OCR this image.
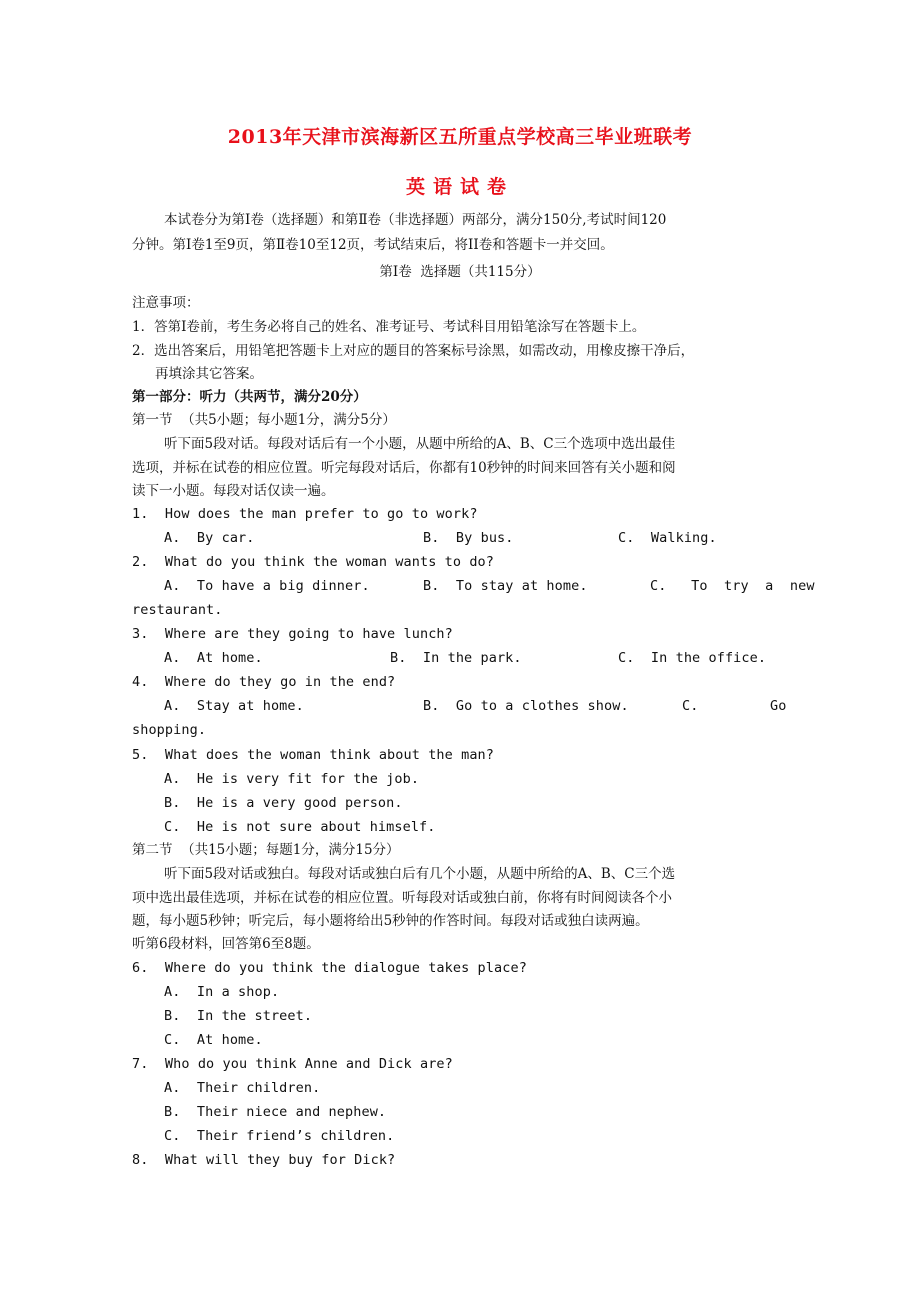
2013年天津市滨海新区五所重点学校高三毕业班联考
英语试卷
本试卷分为第Ⅰ卷（选择题）和第Ⅱ卷（非选择题）两部分，满分150分,考试时间120
分钟。第Ⅰ卷1至9页，第Ⅱ卷10至12页，考试结束后，将II卷和答题卡一并交回。
第Ⅰ卷  选择题（共115分）
注意事项：
1．答第Ⅰ卷前，考生务必将自己的姓名、准考证号、考试科目用铅笔涂写在答题卡上。
2．选出答案后，用铅笔把答题卡上对应的题目的答案标号涂黑，如需改动，用橡皮擦干净后，
再填涂其它答案。
第一部分：听力（共两节，满分20分）
第一节  （共5小题；每小题1分，满分5分）
听下面5段对话。每段对话后有一个小题，从题中所给的A、B、C三个选项中选出最佳
选项，并标在试卷的相应位置。听完每段对话后，你都有10秒钟的时间来回答有关小题和阅
读下一小题。每段对话仅读一遍。
1.  How does the man prefer to go to work?
A.  By car.	B.  By bus.	C.  Walking.
2.  What do you think the woman wants to do?
A.  To have a big dinner.	B.  To stay at home.	C.   To  try  a  new
restaurant.
3.  Where are they going to have lunch?
A.  At home.	B.  In the park.	C.  In the office.
4.  Where do they go in the end?
A.  Stay at home.	B.  Go to a clothes show.	C.	Go
shopping.
5.  What does the woman think about the man?
A.  He is very fit for the job.
B.  He is a very good person.
C.  He is not sure about himself.
第二节  （共15小题；每题1分，满分15分）
听下面5段对话或独白。每段对话或独白后有几个小题，从题中所给的A、B、C三个选
项中选出最佳选项，并标在试卷的相应位置。听每段对话或独白前，你将有时间阅读各个小
题，每小题5秒钟；听完后，每小题将给出5秒钟的作答时间。每段对话或独白读两遍。
听第6段材料，回答第6至8题。
6.  Where do you think the dialogue takes place?
A.  In a shop.
B.  In the street.
C.  At home.
7.  Who do you think Anne and Dick are?
A.  Their children.
B.  Their niece and nephew.
C.  Their friend’s children.
8.  What will they buy for Dick?
